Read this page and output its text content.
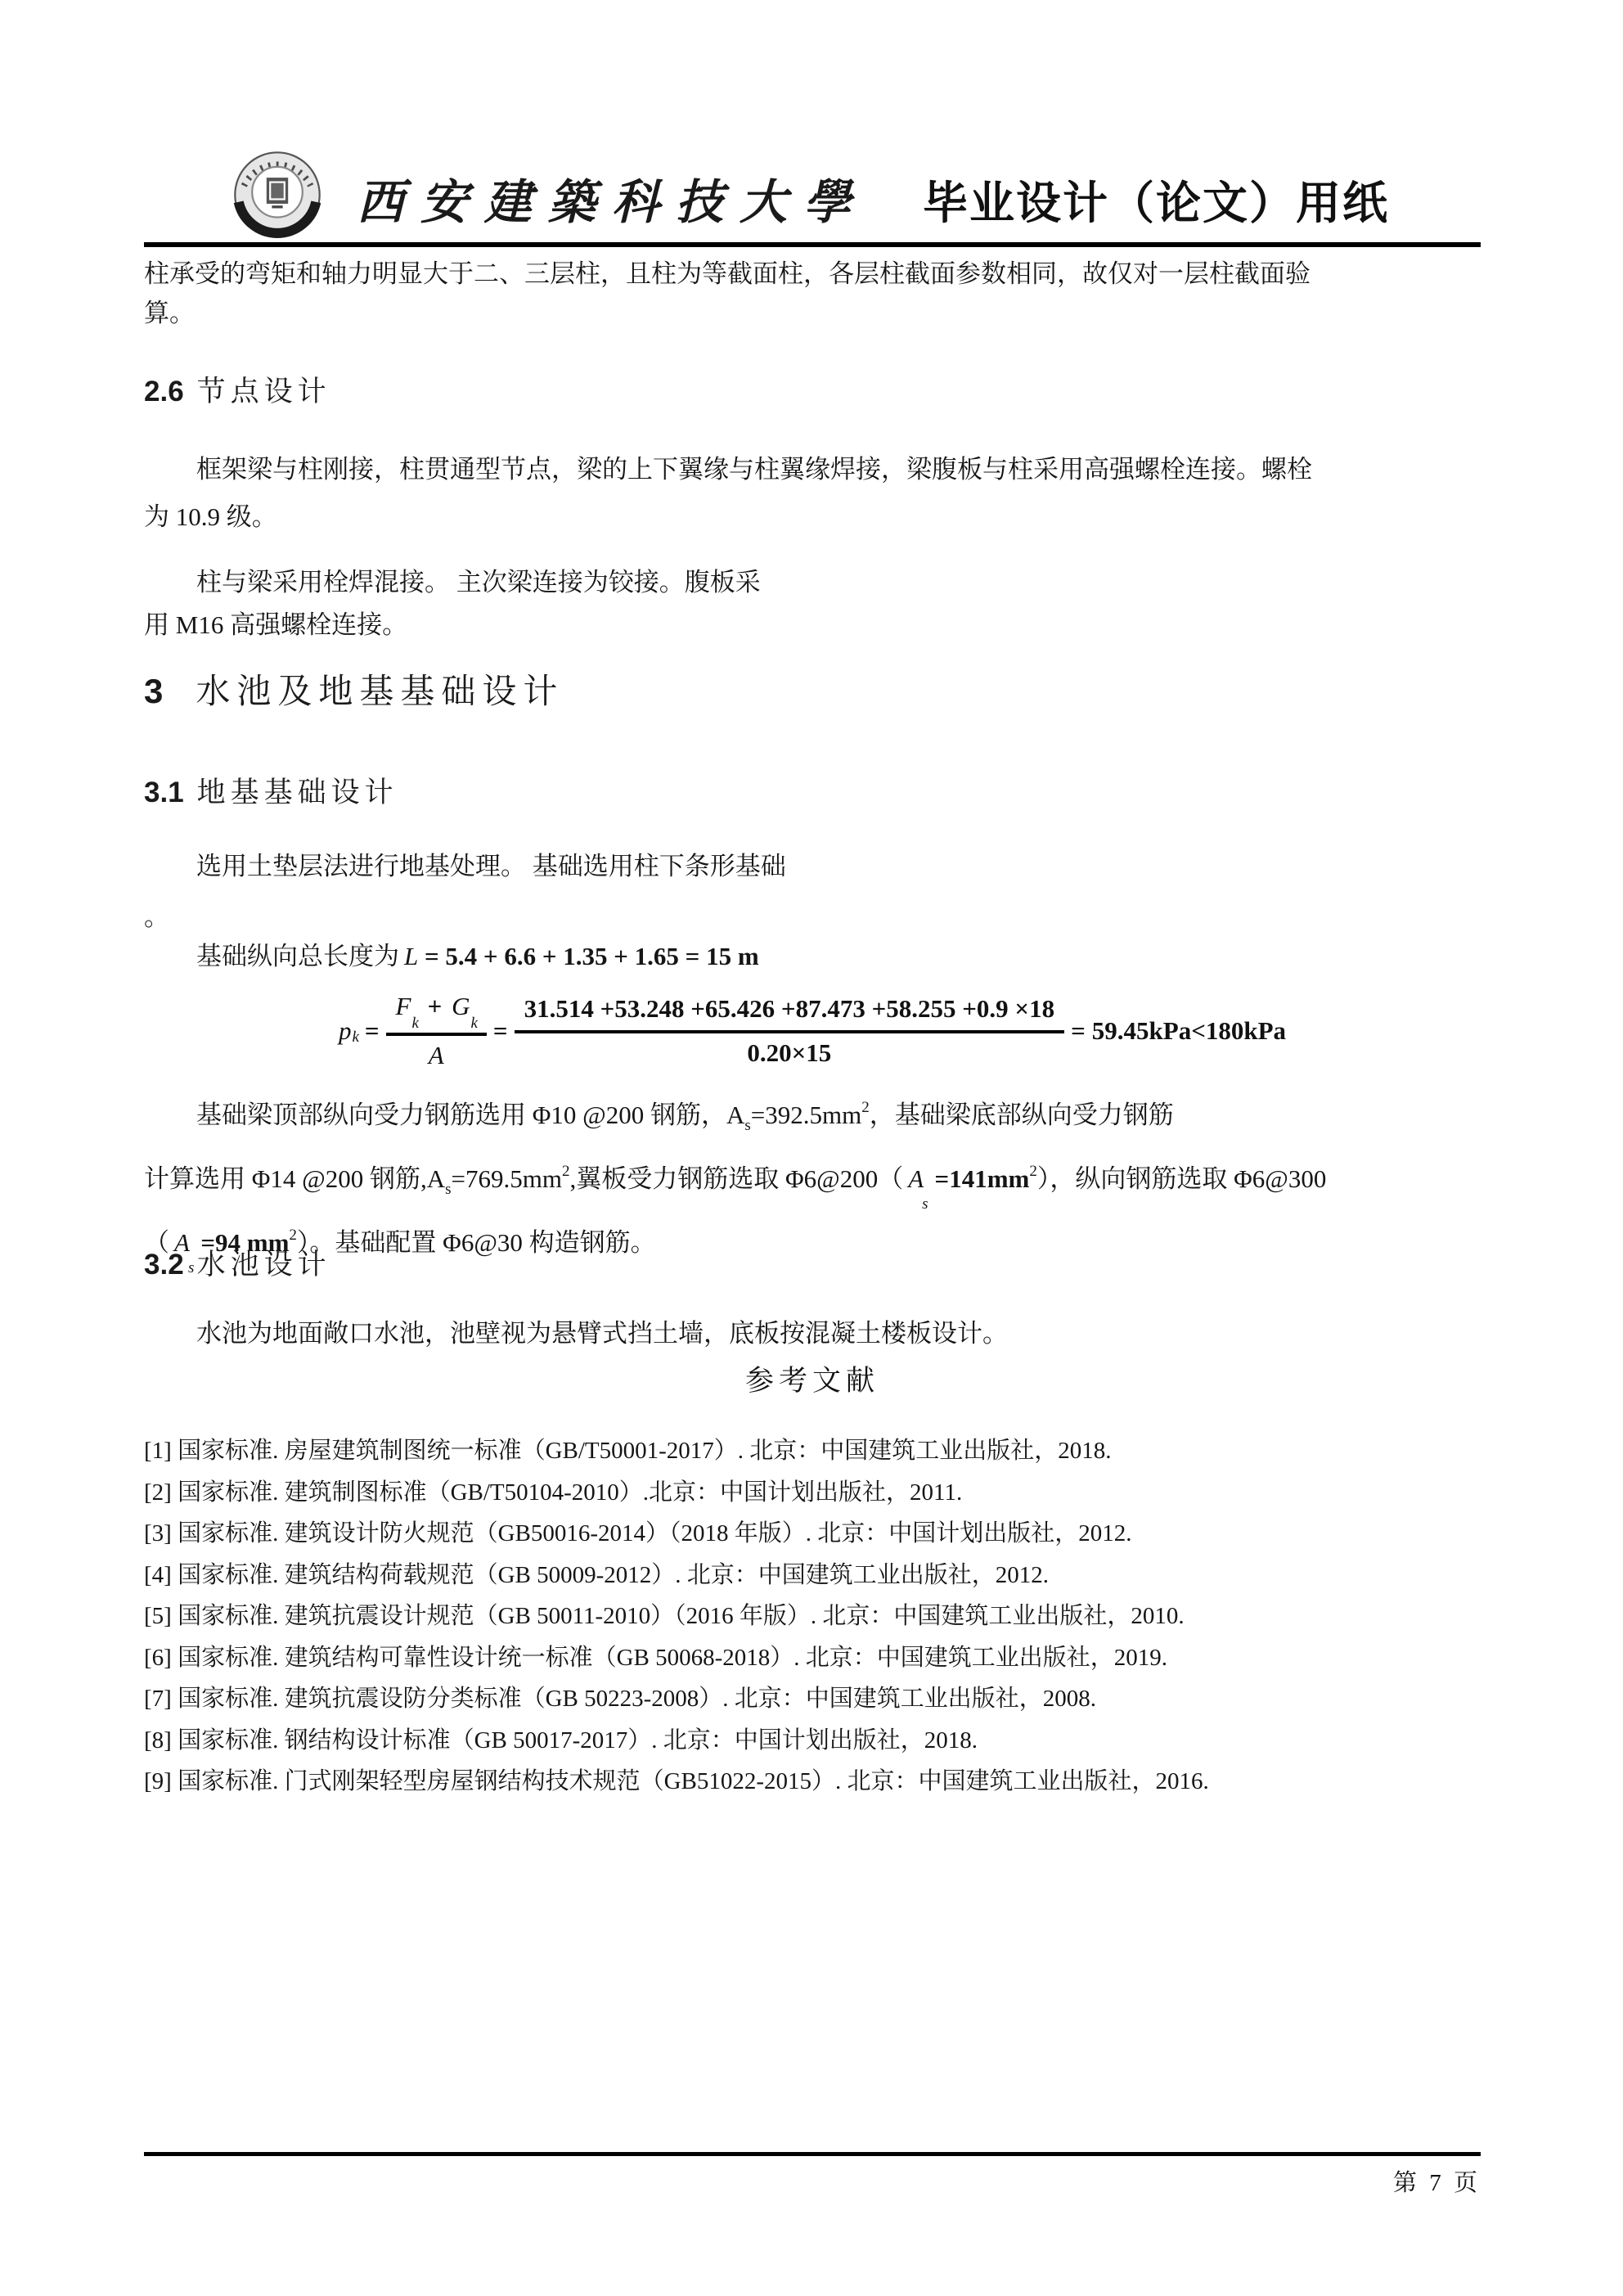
西安建築科技大學 毕业设计（论文）用纸
柱承受的弯矩和轴力明显大于二、三层柱，且柱为等截面柱，各层柱截面参数相同，故仅对一层柱截面验
算。
2.6 节点设计
框架梁与柱刚接，柱贯通型节点，梁的上下翼缘与柱翼缘焊接，梁腹板与柱采用高强螺栓连接。螺栓
为 10.9 级。
柱与梁采用栓焊混接。 主次梁连接为铰接。腹板采
用 M16 高强螺栓连接。
3 水池及地基基础设计
3.1 地基基础设计
选用土垫层法进行地基处理。 基础选用柱下条形基础
。
基础纵向总长度为 L = 5.4 + 6.6 + 1.35 + 1.65 = 15 m
$p_k = \frac{F_k + G_k}{A} = \frac{31.514 +53.248 +65.426 +87.473 +58.255 +0.9 \times 18}{0.20\times 15} = 59.45kPa<180kPa$
基础梁顶部纵向受力钢筋选用 Φ10 @200 钢筋，$A_s=392.5mm^2$，基础梁底部纵向受力钢筋
计算选用 Φ14 @200 钢筋$,A_s=769.5mm^2$,翼板受力钢筋选取 Φ6@200（ $A_s=141mm^2$），纵向钢筋选取 Φ6@300
（ $A_s=94$ $mm^2$）。基础配置 Φ6@30 构造钢筋。
3.2 水池设计
水池为地面敞口水池，池壁视为悬臂式挡土墙，底板按混凝土楼板设计。
参考文献
[1] 国家标准. 房屋建筑制图统一标准（GB/T50001-2017）. 北京：中国建筑工业出版社，2018.
[2] 国家标准. 建筑制图标准（GB/T50104-2010）.北京：中国计划出版社，2011.
[3] 国家标准. 建筑设计防火规范（GB50016-2014）（2018 年版）. 北京：中国计划出版社，2012.
[4] 国家标准. 建筑结构荷载规范（GB 50009-2012）. 北京：中国建筑工业出版社，2012.
[5] 国家标准. 建筑抗震设计规范（GB 50011-2010）（2016 年版）. 北京：中国建筑工业出版社，2010.
[6] 国家标准. 建筑结构可靠性设计统一标准（GB 50068-2018）. 北京：中国建筑工业出版社，2019.
[7] 国家标准. 建筑抗震设防分类标准（GB 50223-2008）. 北京：中国建筑工业出版社，2008.
[8] 国家标准. 钢结构设计标准（GB 50017-2017）. 北京：中国计划出版社，2018.
[9] 国家标准. 门式刚架轻型房屋钢结构技术规范（GB51022-2015）. 北京：中国建筑工业出版社，2016.
第 7 页
